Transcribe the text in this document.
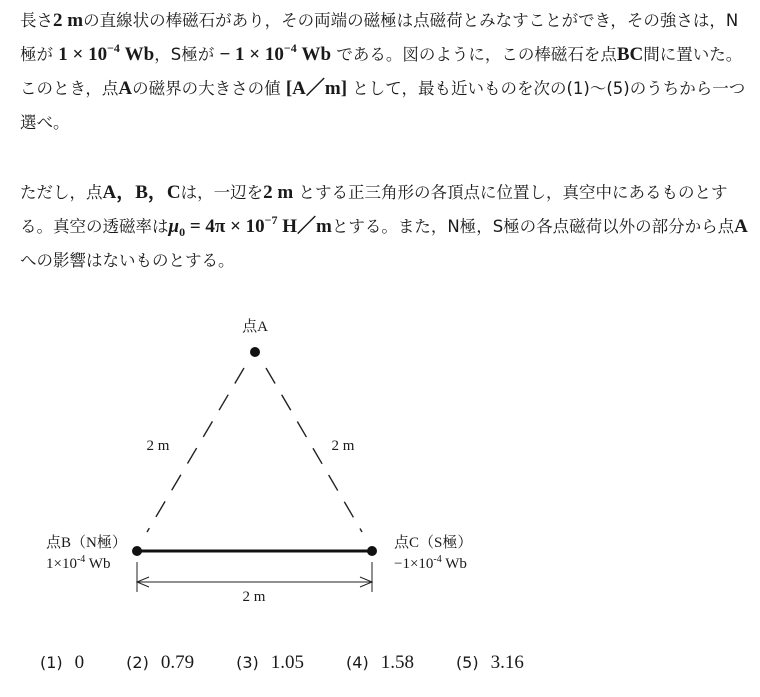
長さ2 mの直線状の棒磁石があり，その両端の磁極は点磁荷とみなすことができ，その強さは，N極が $1 \times 10^{-4}$ Wb，S極が − $1 \times 10^{-4}$ Wb である。図のように，この棒磁石を点BC間に置いた。このとき，点Aの磁界の大きさの値 [A／m] として，最も近いものを次の(1)〜(5)のうちから一つ選べ。

ただし，点A，B，Cは，一辺を2 m とする正三角形の各頂点に位置し，真空中にあるものとする。真空の透磁率は$\mu_0 = 4\pi \times 10^{-7}$ H／mとする。また，N極，S極の各点磁荷以外の部分から点Aへの影響はないものとする。

点A
2 m	2 m
点B（N極）
$1\times 10^{-4}$ Wb
点C（S極）
$-1\times 10^{-4}$ Wb
2 m
(1) 0	(2) 0.79	(3) 1.05	(4) 1.58	(5) 3.16
